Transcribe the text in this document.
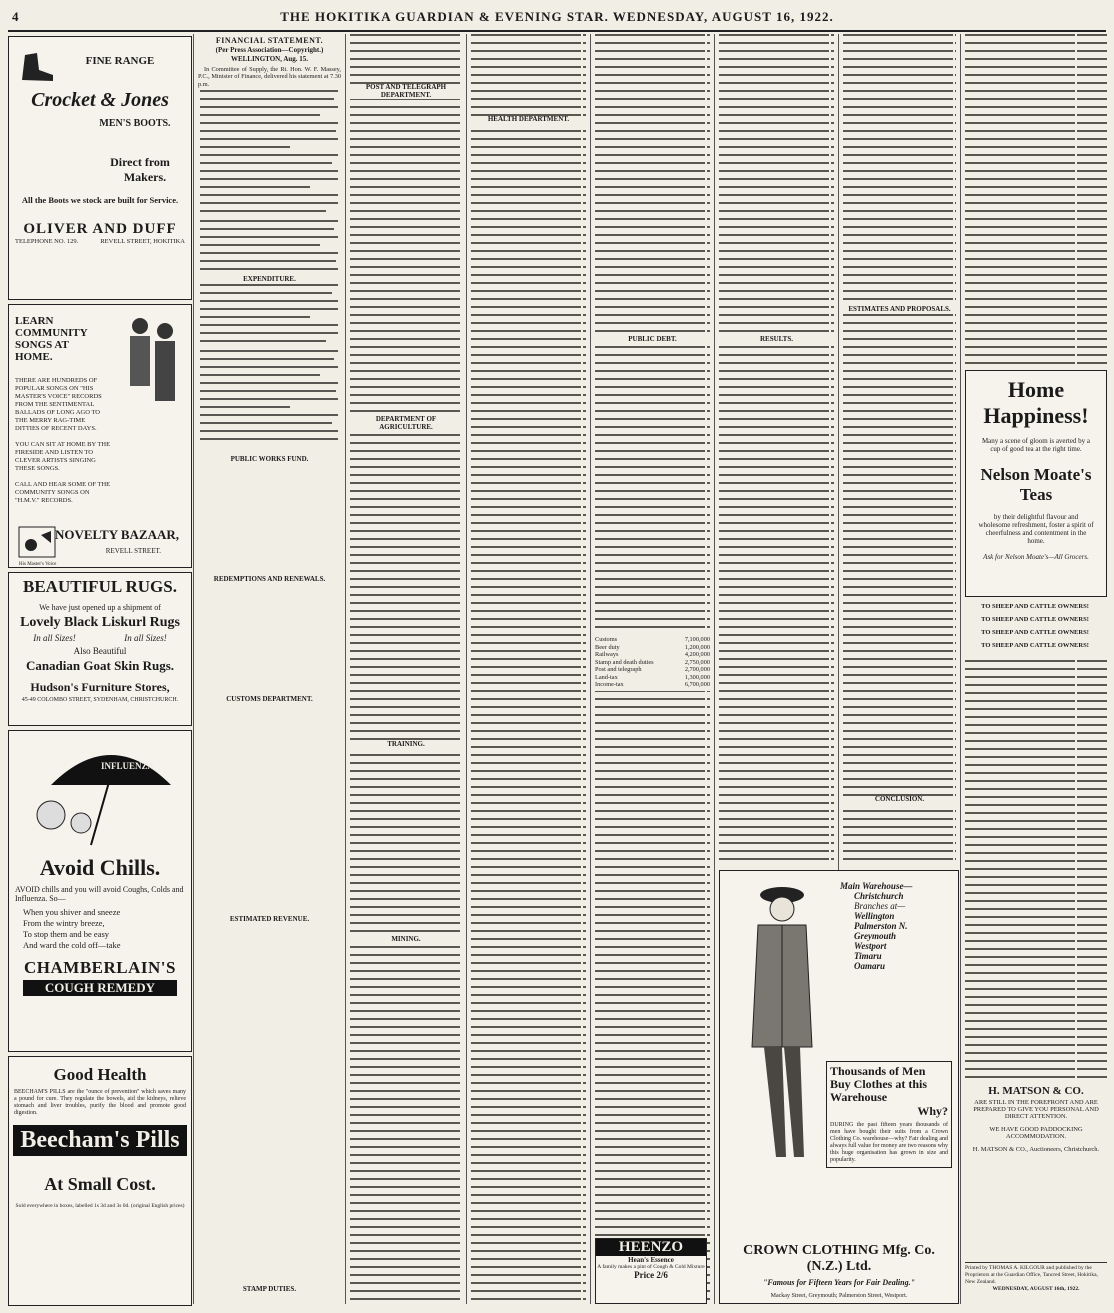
4	THE HOKITIKA GUARDIAN & EVENING STAR. WEDNESDAY, AUGUST 16, 1922.
FINE RANGE
Crocket & Jones
MEN'S BOOTS.
Direct from
Makers.
All the Boots we stock are built for Service.
OLIVER AND DUFF
TELEPHONE NO. 129.	REVELL STREET, HOKITIKA
LEARN COMMUNITY SONGS AT HOME.
THERE ARE HUNDREDS OF POPULAR SONGS ON "HIS MASTER'S VOICE" RECORDS FROM THE SENTIMENTAL BALLADS OF LONG AGO TO THE MERRY RAG-TIME DITTIES OF RECENT DAYS.
YOU CAN SIT AT HOME BY THE FIRESIDE AND LISTEN TO CLEVER ARTISTS SINGING THESE SONGS.
CALL AND HEAR SOME OF THE COMMUNITY SONGS ON "H.M.V." RECORDS.
His Master's Voice
NOVELTY BAZAAR,
REVELL STREET.
BEAUTIFUL RUGS.
We have just opened up a shipment of
Lovely Black Liskurl Rugs
In all Sizes!	In all Sizes!
Also Beautiful
Canadian Goat Skin Rugs.
Hudson's Furniture Stores,
45-49 COLOMBO STREET, SYDENHAM, CHRISTCHURCH.
INFLUENZA
Avoid Chills.
AVOID chills and you will avoid Coughs, Colds and Influenza. So—
When you shiver and sneeze
From the wintry breeze,
To stop them and be easy
And ward the cold off—take
CHAMBERLAIN'S
COUGH REMEDY
Good Health
BEECHAM'S PILLS are the "ounce of prevention" which saves many a pound for cure. They regulate the bowels, aid the kidneys, relieve stomach and liver troubles, purify the blood and promote good digestion.
Beecham's Pills
At Small Cost.
Sold everywhere in boxes, labelled 1s 3d and 3s 0d. (original English prices)
FINANCIAL STATEMENT.
(Per Press Association—Copyright.)
WELLINGTON, Aug. 15.

In Committee of Supply, the Rt. Hon. W. F. Massey, P.C., Minister of Finance, delivered his statement at 7.30 p.m.

EXPENDITURE.
PUBLIC WORKS FUND.
REDEMPTIONS AND RENEWALS.
CUSTOMS DEPARTMENT.
ESTIMATED REVENUE.
STAMP DUTIES.
POST AND TELEGRAPH DEPARTMENT.
DEPARTMENT OF AGRICULTURE.
TRAINING.
MINING.
HEALTH DEPARTMENT.
PUBLIC DEBT.
Customs	7,100,000
Beer duty	1,200,000
Railways	4,200,000
Stamp and death duties	2,750,000
Post and telegraph	2,700,000
Land-tax	1,300,000
Income-tax	6,700,000
RESULTS.
ESTIMATES AND PROPOSALS.
CONCLUSION.
Home
Happiness!
Many a scene of gloom is averted by a cup of good tea at the right time.
Nelson Moate's
Teas
by their delightful flavour and wholesome refreshment, foster a spirit of cheerfulness and contentment in the home.
Ask for Nelson Moate's—All Grocers.
TO SHEEP AND CATTLE OWNERS!
TO SHEEP AND CATTLE OWNERS!
TO SHEEP AND CATTLE OWNERS!
TO SHEEP AND CATTLE OWNERS!
H. MATSON & CO.
ARE STILL IN THE FOREFRONT AND ARE PREPARED TO GIVE YOU PERSONAL AND DIRECT ATTENTION.
WE HAVE GOOD PADDOCKING ACCOMMODATION.
H. MATSON & CO., Auctioneers, Christchurch.
Printed by THOMAS A. KILGOUR and published by the Proprietors at the Guardian Office, Tancred Street, Hokitika, New Zealand.
WEDNESDAY, AUGUST 16th, 1922.
Main Warehouse—
Christchurch
Branches at—
Wellington
Palmerston N.
Greymouth
Westport
Timaru
Oamaru
Thousands of Men Buy Clothes at this Warehouse
Why?
DURING the past fifteen years thousands of men have bought their suits from a Crown Clothing Co. warehouse—why? Fair dealing and always full value for money are two reasons why this huge organisation has grown in size and popularity.
CROWN CLOTHING Mfg. Co. (N.Z.) Ltd.
"Famous for Fifteen Years for Fair Dealing."
Mackay Street, Greymouth; Palmerston Street, Westport.
HEENZO
Hean's Essence
A family makes a pint of Cough & Cold Mixture
Price 2/6
